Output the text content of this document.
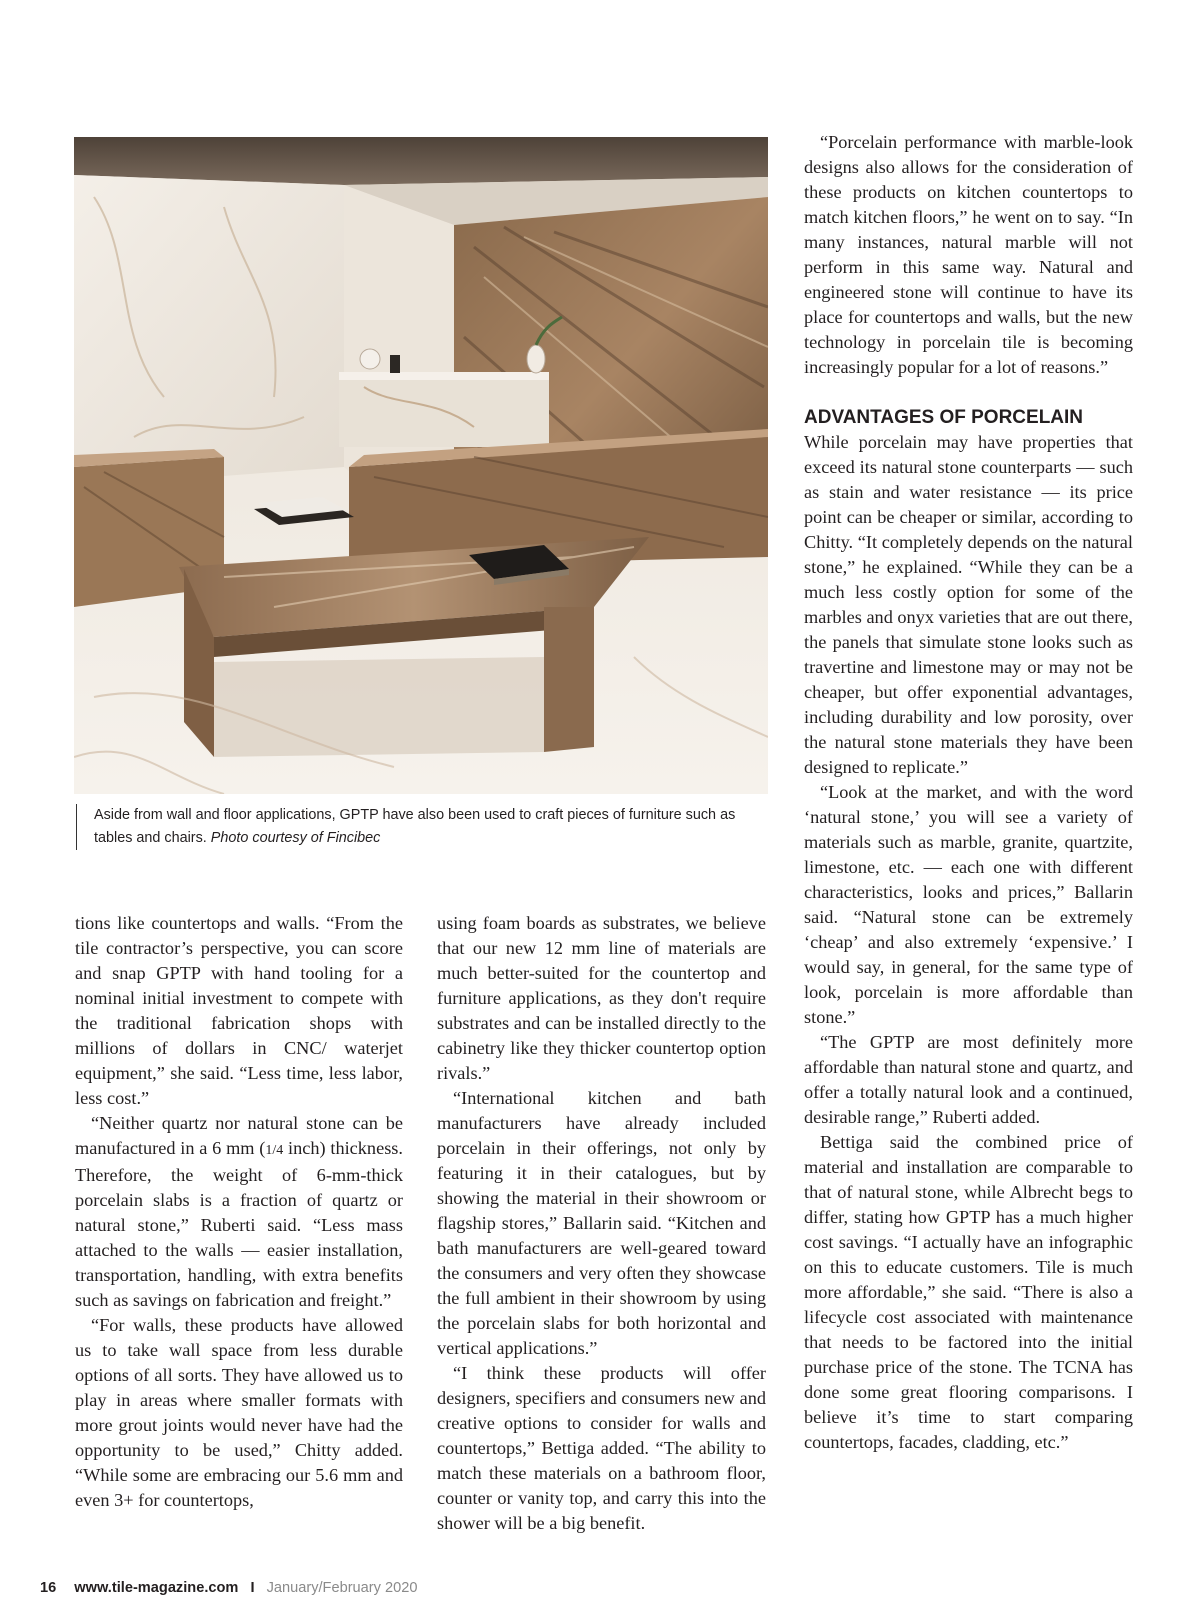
Aside from wall and floor applications, GPTP have also been used to craft pieces of furniture such as tables and chairs. Photo courtesy of Fincibec

tions like countertops and walls. “From the tile contractor’s perspective, you can score and snap GPTP with hand tooling for a nominal initial investment to compete with the traditional fabrication shops with millions of dollars in CNC/ waterjet equipment,” she said. “Less time, less labor, less cost.”

“Neither quartz nor natural stone can be manufactured in a 6 mm (1/4 inch) thickness. Therefore, the weight of 6-mm-thick porcelain slabs is a fraction of quartz or natural stone,” Ruberti said. “Less mass attached to the walls — easier installation, transportation, handling, with extra benefits such as savings on fabrication and freight.”

“For walls, these products have allowed us to take wall space from less durable options of all sorts. They have allowed us to play in areas where smaller formats with more grout joints would never have had the opportunity to be used,” Chitty added. “While some are embracing our 5.6 mm and even 3+ for countertops,

using foam boards as substrates, we believe that our new 12 mm line of materials are much better-suited for the countertop and furniture applications, as they don't require substrates and can be installed directly to the cabinetry like they thicker countertop option rivals.”

“International kitchen and bath manufacturers have already included porcelain in their offerings, not only by featuring it in their catalogues, but by showing the material in their showroom or flagship stores,” Ballarin said. “Kitchen and bath manufacturers are well-geared toward the consumers and very often they showcase the full ambient in their showroom by using the porcelain slabs for both horizontal and vertical applications.”

“I think these products will offer designers, specifiers and consumers new and creative options to consider for walls and countertops,” Bettiga added. “The ability to match these materials on a bathroom floor, counter or vanity top, and carry this into the shower will be a big benefit.

“Porcelain performance with marble-look designs also allows for the consideration of these products on kitchen countertops to match kitchen floors,” he went on to say. “In many instances, natural marble will not perform in this same way. Natural and engineered stone will continue to have its place for countertops and walls, but the new technology in porcelain tile is becoming increasingly popular for a lot of reasons.”

ADVANTAGES OF PORCELAIN

While porcelain may have properties that exceed its natural stone counterparts — such as stain and water resistance — its price point can be cheaper or similar, according to Chitty. “It completely depends on the natural stone,” he explained. “While they can be a much less costly option for some of the marbles and onyx varieties that are out there, the panels that simulate stone looks such as travertine and limestone may or may not be cheaper, but offer exponential advantages, including durability and low porosity, over the natural stone materials they have been designed to replicate.”

“Look at the market, and with the word ‘natural stone,’ you will see a variety of materials such as marble, granite, quartzite, limestone, etc. — each one with different characteristics, looks and prices,” Ballarin said. “Natural stone can be extremely ‘cheap’ and also extremely ‘expensive.’ I would say, in general, for the same type of look, porcelain is more affordable than stone.”

“The GPTP are most definitely more affordable than natural stone and quartz, and offer a totally natural look and a continued, desirable range,” Ruberti added.

Bettiga said the combined price of material and installation are comparable to that of natural stone, while Albrecht begs to differ, stating how GPTP has a much higher cost savings. “I actually have an infographic on this to educate customers. Tile is much more affordable,” she said. “There is also a lifecycle cost associated with maintenance that needs to be factored into the initial purchase price of the stone. The TCNA has done some great flooring comparisons. I believe it’s time to start comparing countertops, facades, cladding, etc.”

16 www.tile-magazine.com I January/February 2020
